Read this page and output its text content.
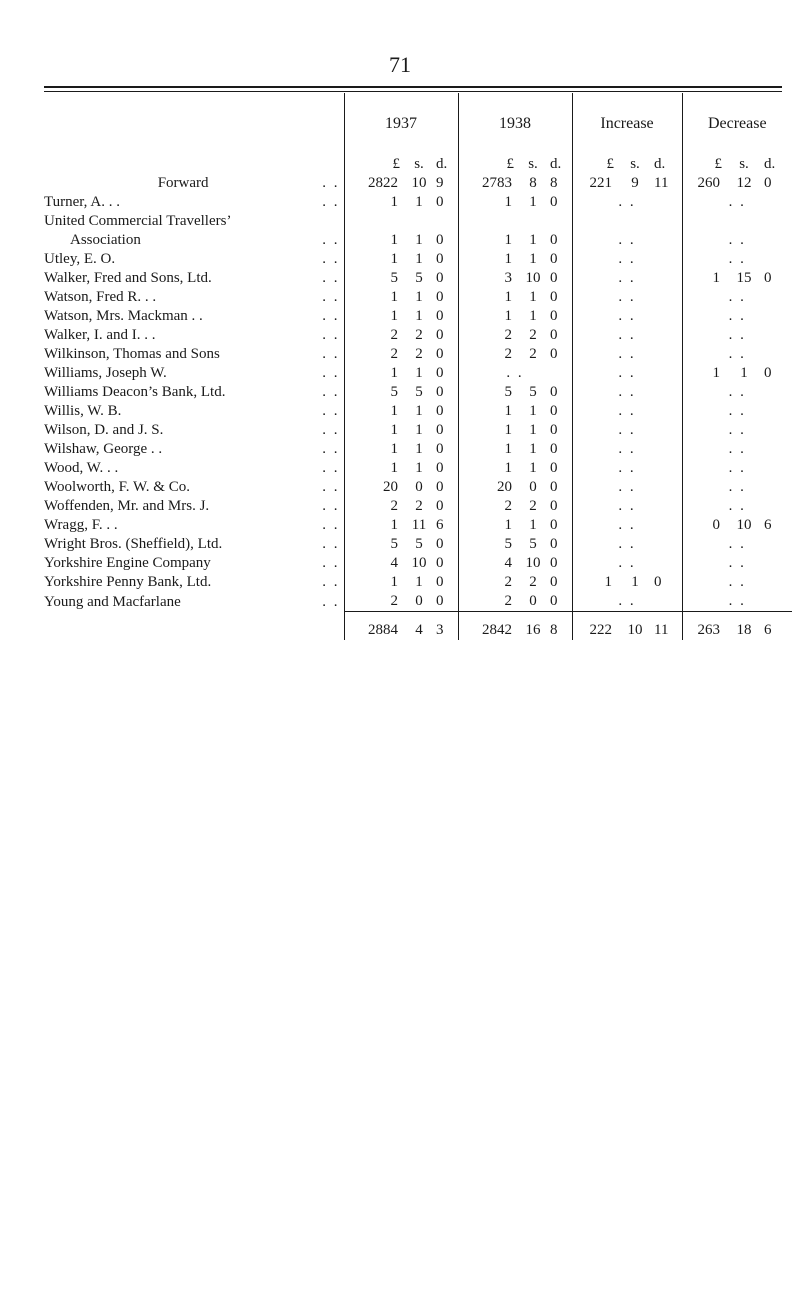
71
	1937			1938			Increase			Decrease		
	£	s.	d.	£	s.	d.	£	s.	d.	£	s.	d.
Forward . .	2822	10	9	2783	8	8	221	9	11	260	12	0
Turner, A. . . . .	1	1	0	1	1	0	. .			. .		
United Commercial Travellers’												
Association . .	1	1	0	1	1	0	. .			. .		
Utley, E. O. . .	1	1	0	1	1	0	. .			. .		
Walker, Fred and Sons, Ltd. . .	5	5	0	3	10	0	. .			1	15	0
Watson, Fred R. . . . .	1	1	0	1	1	0	. .			. .		
Watson, Mrs. Mackman . . . .	1	1	0	1	1	0	. .			. .		
Walker, I. and I. . . . .	2	2	0	2	2	0	. .			. .		
Wilkinson, Thomas and Sons . .	2	2	0	2	2	0	. .			. .		
Williams, Joseph W. . .	1	1	0	. .			. .			1	1	0
Williams Deacon’s Bank, Ltd. . .	5	5	0	5	5	0	. .			. .		
Willis, W. B. . .	1	1	0	1	1	0	. .			. .		
Wilson, D. and J. S. . .	1	1	0	1	1	0	. .			. .		
Wilshaw, George . . . .	1	1	0	1	1	0	. .			. .		
Wood, W. . . . .	1	1	0	1	1	0	. .			. .		
Woolworth, F. W. & Co. . .	20	0	0	20	0	0	. .			. .		
Woffenden, Mr. and Mrs. J. . .	2	2	0	2	2	0	. .			. .		
Wragg, F. . . . .	1	11	6	1	1	0	. .			0	10	6
Wright Bros. (Sheffield), Ltd. . .	5	5	0	5	5	0	. .			. .		
Yorkshire Engine Company . .	4	10	0	4	10	0	. .			. .		
Yorkshire Penny Bank, Ltd. . .	1	1	0	2	2	0	1	1	0	. .		
Young and Macfarlane . .	2	0	0	2	0	0	. .			. .		
	2884	4	3	2842	16	8	222	10	11	263	18	6
